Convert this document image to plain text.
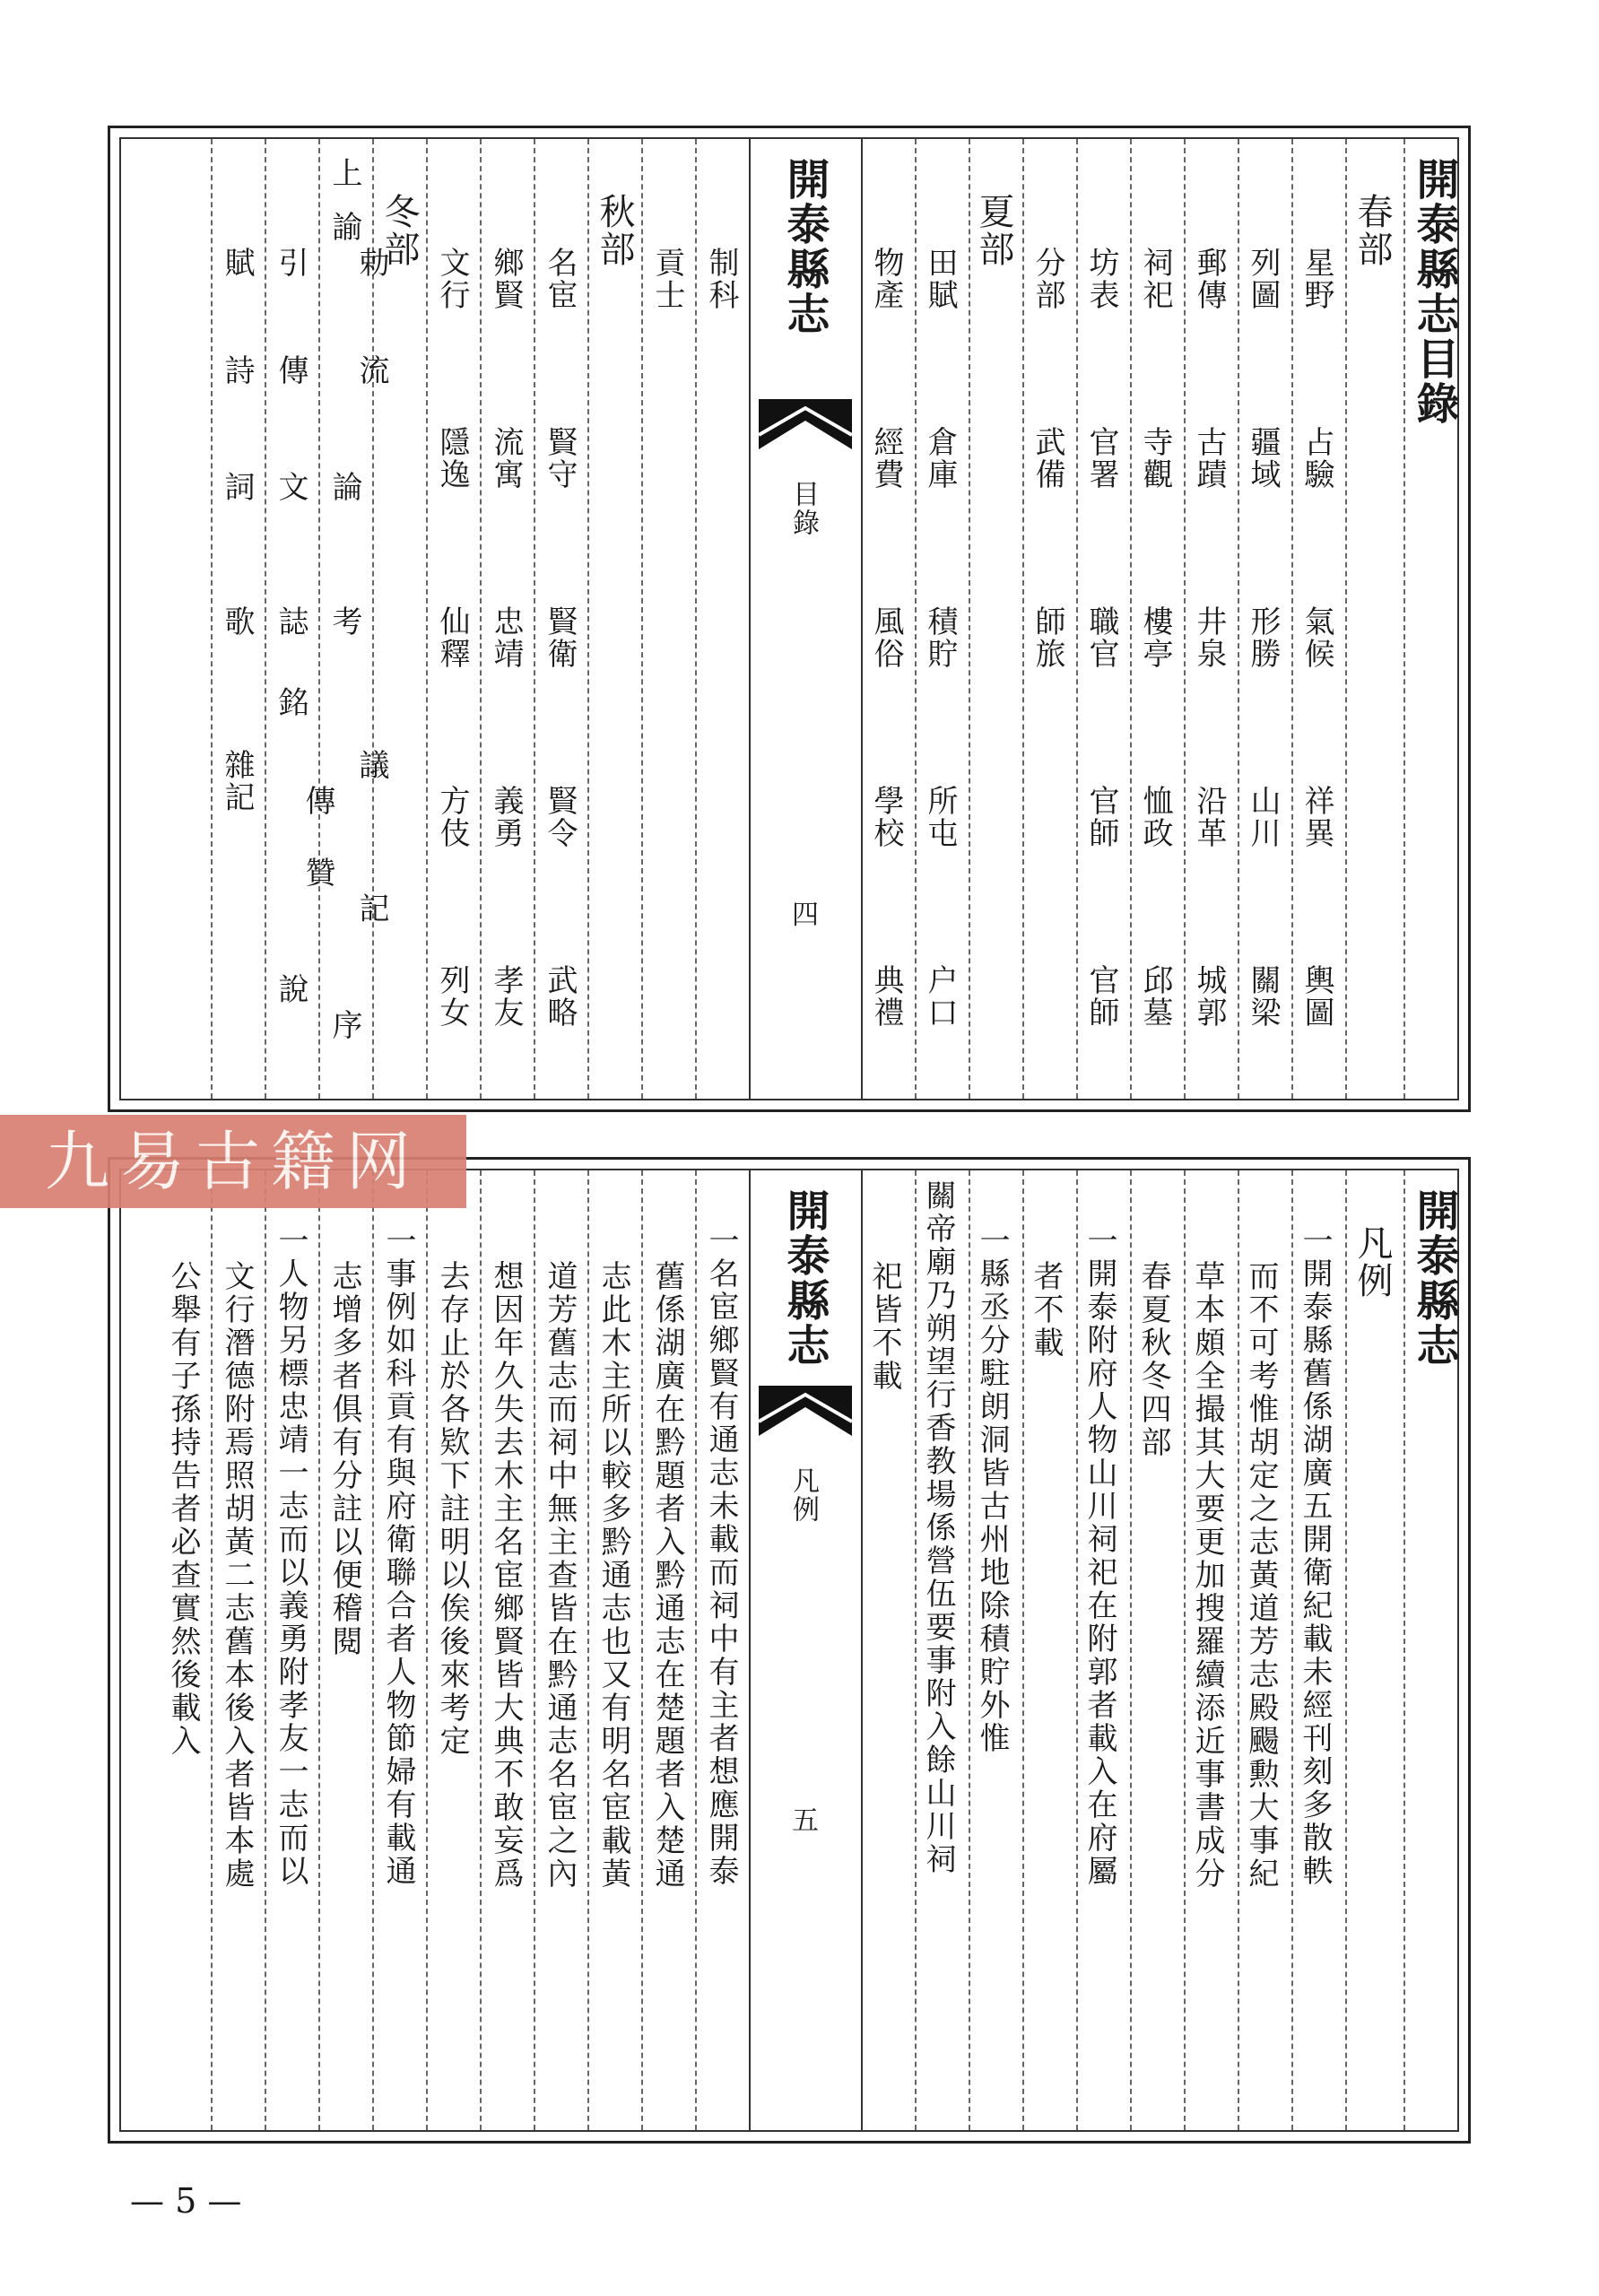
開泰縣志目錄
春部
星野
占驗
氣候
祥異
輿圖
列圖
疆域
形勝
山川
關梁
郵傳
古蹟
井泉
沿革
城郭
祠祀
寺觀
樓亭
恤政
邱墓
坊表
官署
職官
官師
官師
分部
武備
師旅
夏部
田賦
倉庫
積貯
所屯
户口
物產
經費
風俗
學校
典禮
開泰縣志
目錄
四
制科
貢士
秋部
名宦
賢守
賢衛
賢令
武略
鄉賢
流寓
忠靖
義勇
孝友
文行
隱逸
仙釋
方伎
列女
冬部
上
勅
諭
流
論
考
議
記
序
引
傳
文
誌
銘
傳
贊
說
賦
詩
詞
歌
雜記
開泰縣志
凡例
一開泰縣舊係湖廣五開衛紀載未經刊刻多散軼
而不可考惟胡定之志黃道芳志殿颺勲大事紀
草本頗全撮其大要更加搜羅續添近事書成分
春夏秋冬四部
一開泰附府人物山川祠祀在附郭者載入在府屬
者不載
一縣丞分駐朗洞皆古州地除積貯外惟
關帝廟乃朔望行香教場係營伍要事附入餘山川祠
祀皆不載
開泰縣志
凡例
五
一名宦鄉賢有通志未載而祠中有主者想應開泰
舊係湖廣在黔題者入黔通志在楚題者入楚通
志此木主所以較多黔通志也又有明名宦載黃
道芳舊志而祠中無主查皆在黔通志名宦之內
想因年久失去木主名宦鄉賢皆大典不敢妄爲
去存止於各欵下註明以俟後來考定
一事例如科貢有與府衛聯合者人物節婦有載通
志增多者俱有分註以便稽閱
一人物另標忠靖一志而以義勇附孝友一志而以
文行潛德附焉照胡黃二志舊本後入者皆本處
公舉有子孫持告者必查實然後載入
九易古籍网
— 5 —
